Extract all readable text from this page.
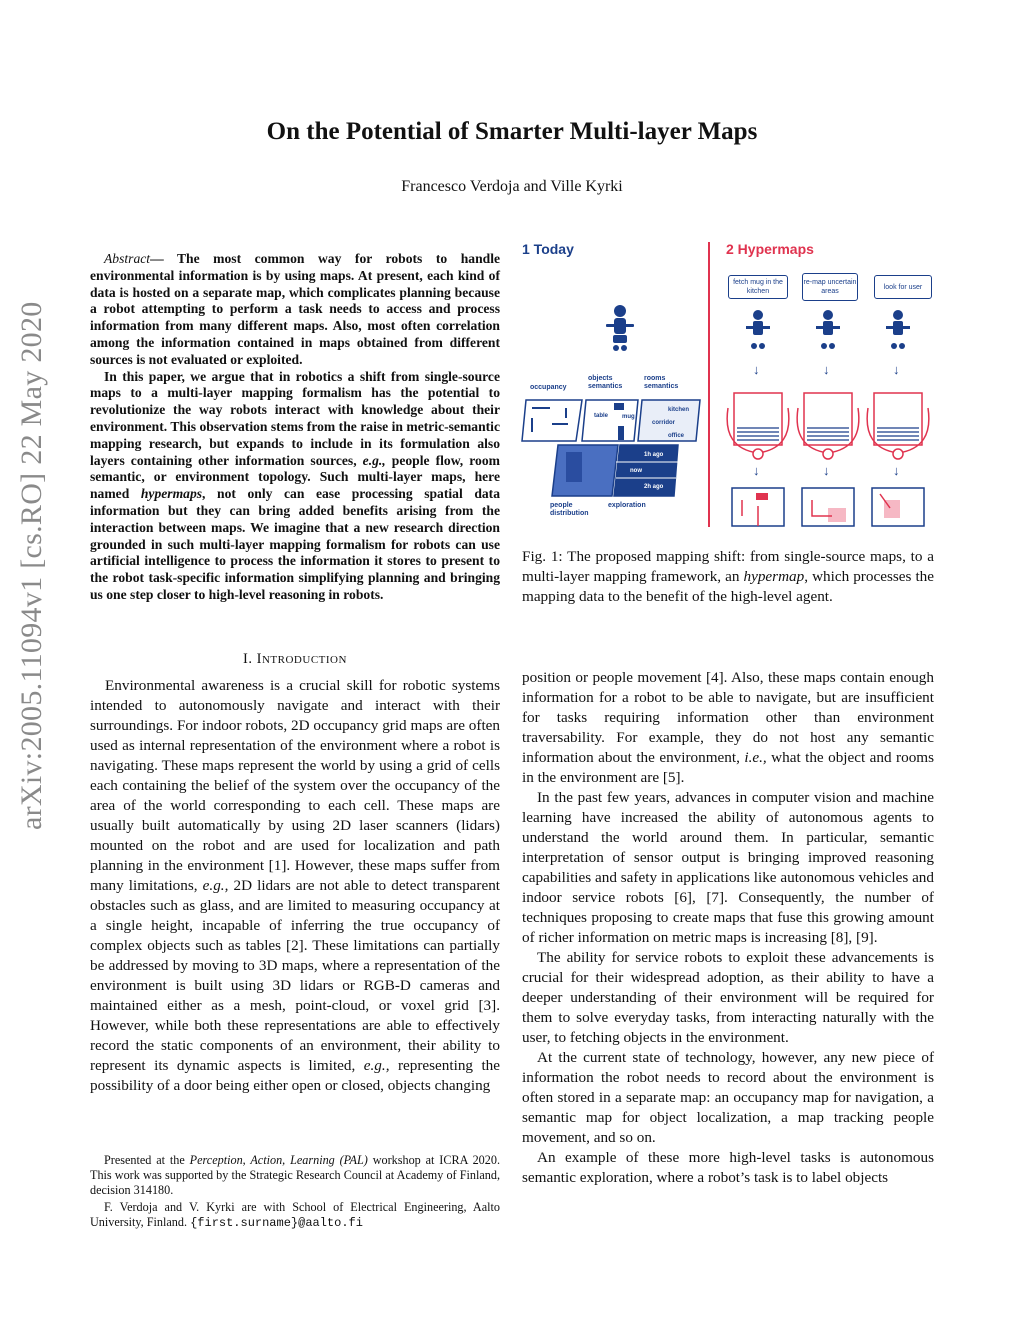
arXiv:2005.11094v1 [cs.RO] 22 May 2020
On the Potential of Smarter Multi-layer Maps
Francesco Verdoja and Ville Kyrki

Abstract— The most common way for robots to handle environmental information is by using maps. At present, each kind of data is hosted on a separate map, which complicates planning because a robot attempting to perform a task needs to access and process information from many different maps. Also, most often correlation among the information contained in maps obtained from different sources is not evaluated or exploited.

In this paper, we argue that in robotics a shift from single-source maps to a multi-layer mapping formalism has the potential to revolutionize the way robots interact with knowledge about their environment. This observation stems from the raise in metric-semantic mapping research, but expands to include in its formulation also layers containing other information sources, e.g., people flow, room semantic, or environment topology. Such multi-layer maps, here named hypermaps, not only can ease processing spatial data information but they can bring added benefits arising from the interaction between maps. We imagine that a new research direction grounded in such multi-layer mapping formalism for robots can use artificial intelligence to process the information it stores to present to the robot task-specific information simplifying planning and bringing us one step closer to high-level reasoning in robots.

I. INTRODUCTION

Environmental awareness is a crucial skill for robotic systems intended to autonomously navigate and interact with their surroundings. For indoor robots, 2D occupancy grid maps are often used as internal representation of the environment where a robot is navigating. These maps represent the world by using a grid of cells each containing the belief of the system over the occupancy of the area of the world corresponding to each cell. These maps are usually built automatically by using 2D laser scanners (lidars) mounted on the robot and are used for localization and path planning in the environment [1]. However, these maps suffer from many limitations, e.g., 2D lidars are not able to detect transparent obstacles such as glass, and are limited to measuring occupancy at a single height, incapable of inferring the true occupancy of complex objects such as tables [2]. These limitations can partially be addressed by moving to 3D maps, where a representation of the environment is built using 3D lidars or RGB-D cameras and maintained either as a mesh, point-cloud, or voxel grid [3]. However, while both these representations are able to effectively record the static components of an environment, their ability to represent its dynamic aspects is limited, e.g., representing the possibility of a door being either open or closed, objects changing

Presented at the Perception, Action, Learning (PAL) workshop at ICRA 2020. This work was supported by the Strategic Research Council at Academy of Finland, decision 314180.

F. Verdoja and V. Kyrki are with School of Electrical Engineering, Aalto University, Finland. {first.surname}@aalto.fi

1 Today	2 Hypermaps
fetch mug in the kitchen
re-map uncertain areas
look for user
↓	↓	↓
↓	↓	↓
occupancy
objects semantics
rooms semantics
table mug
kitchen
corridor
office
1h ago
now
2h ago
people distribution
exploration
Fig. 1: The proposed mapping shift: from single-source maps, to a multi-layer mapping framework, an hypermap, which processes the mapping data to the benefit of the high-level agent.

position or people movement [4]. Also, these maps contain enough information for a robot to be able to navigate, but are insufficient for tasks requiring information other than environment traversability. For example, they do not host any semantic information about the environment, i.e., what the object and rooms in the environment are [5].

In the past few years, advances in computer vision and machine learning have increased the ability of autonomous agents to understand the world around them. In particular, semantic interpretation of sensor output is bringing improved reasoning capabilities and safety in applications like autonomous vehicles and indoor service robots [6], [7]. Consequently, the number of techniques proposing to create maps that fuse this growing amount of richer information on metric maps is increasing [8], [9].

The ability for service robots to exploit these advancements is crucial for their widespread adoption, as their ability to have a deeper understanding of their environment will be required for them to solve everyday tasks, from interacting naturally with the user, to fetching objects in the environment.

At the current state of technology, however, any new piece of information the robot needs to record about the environment is often stored in a separate map: an occupancy map for navigation, a semantic map for object localization, a map tracking people movement, and so on.

An example of these more high-level tasks is autonomous semantic exploration, where a robot’s task is to label objects
